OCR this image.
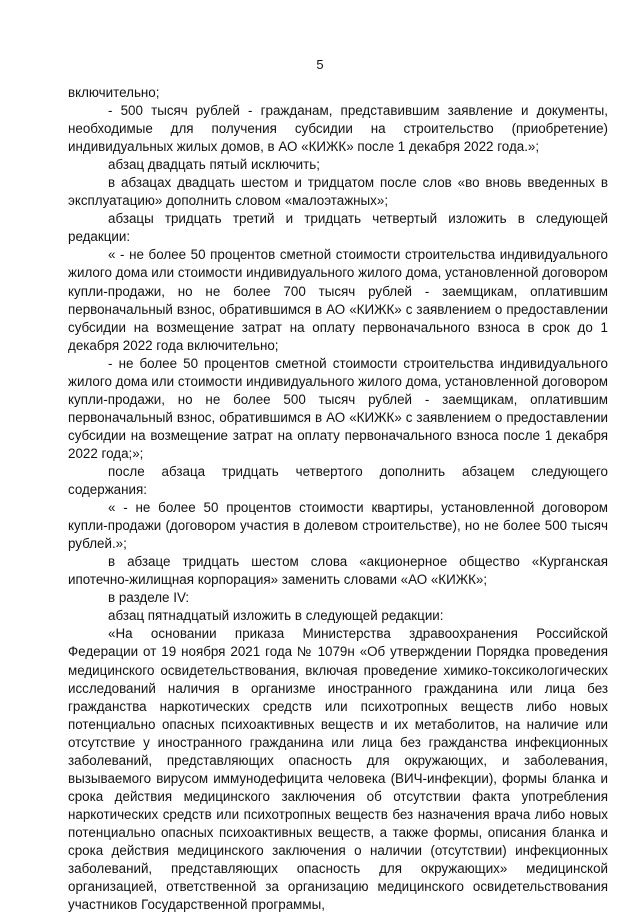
5

включительно;

- 500 тысяч рублей - гражданам, представившим заявление и документы, необходимые для получения субсидии на строительство (приобретение) индивидуальных жилых домов, в АО «КИЖК» после 1 декабря 2022 года.»;

абзац двадцать пятый исключить;

в абзацах двадцать шестом и тридцатом после слов «во вновь введенных в эксплуатацию» дополнить словом «малоэтажных»;

абзацы тридцать третий и тридцать четвертый изложить в следующей редакции:

« - не более 50 процентов сметной стоимости строительства индивидуального жилого дома или стоимости индивидуального жилого дома, установленной договором купли-продажи, но не более 700 тысяч рублей - заемщикам, оплатившим первоначальный взнос, обратившимся в АО «КИЖК» с заявлением о предоставлении субсидии на возмещение затрат на оплату первоначального взноса в срок до 1 декабря 2022 года включительно;

- не более 50 процентов сметной стоимости строительства индивидуального жилого дома или стоимости индивидуального жилого дома, установленной договором купли-продажи, но не более 500 тысяч рублей - заемщикам, оплатившим первоначальный взнос, обратившимся в АО «КИЖК» с заявлением о предоставлении субсидии на возмещение затрат на оплату первоначального взноса после 1 декабря 2022 года;»;

после абзаца тридцать четвертого дополнить абзацем следующего содержания:

« - не более 50 процентов стоимости квартиры, установленной договором купли-продажи (договором участия в долевом строительстве), но не более 500 тысяч рублей.»;

в абзаце тридцать шестом слова «акционерное общество «Курганская ипотечно-жилищная корпорация» заменить словами «АО «КИЖК»;

в разделе IV:

абзац пятнадцатый изложить в следующей редакции:

«На основании приказа Министерства здравоохранения Российской Федерации от 19 ноября 2021 года № 1079н «Об утверждении Порядка проведения медицинского освидетельствования, включая проведение химико-токсикологических исследований наличия в организме иностранного гражданина или лица без гражданства наркотических средств или психотропных веществ либо новых потенциально опасных психоактивных веществ и их метаболитов, на наличие или отсутствие у иностранного гражданина или лица без гражданства инфекционных заболеваний, представляющих опасность для окружающих, и заболевания, вызываемого вирусом иммунодефицита человека (ВИЧ-инфекции), формы бланка и срока действия медицинского заключения об отсутствии факта употребления наркотических средств или психотропных веществ без назначения врача либо новых потенциально опасных психоактивных веществ, а также формы, описания бланка и срока действия медицинского заключения о наличии (отсутствии) инфекционных заболеваний, представляющих опасность для окружающих» медицинской организацией, ответственной за организацию медицинского освидетельствования участников Государственной программы,
